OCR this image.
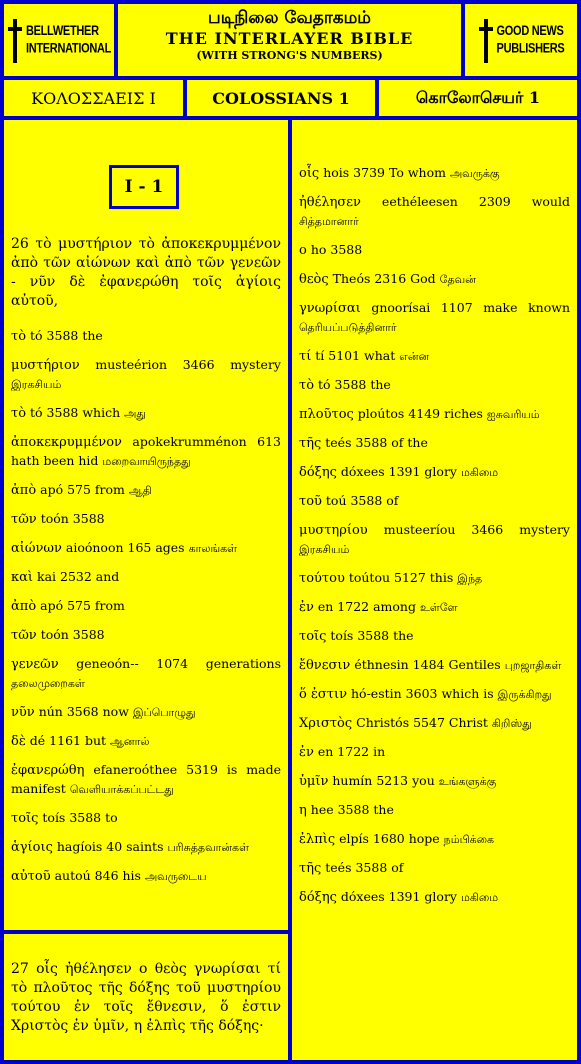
BELLWETHER
INTERNATIONAL
படிநிலை வேதாகமம்
THE INTERLAYER BIBLE
(WITH STRONG'S NUMBERS)
GOOD NEWS
PUBLISHERS
ΚΟΛΟΣΣΑΕΙΣ Ι	COLOSSIANS 1	கொலோசெயர் 1
I - 1
26 τὸ μυστήριον τὸ ἀποκεκρυμμένον ἀπὸ τῶν αἰώνων καὶ ἀπὸ τῶν γενεῶν - νῦν δὲ ἐφανερώθη τοῖς ἁγίοις αὐτοῦ,
τὸ tó 3588 the
μυστήριον musteérion 3466 mystery இரகசியம்
τὸ tó 3588 which அது
ἀποκεκρυμμένον apokekrumménon 613 hath been hid மறைவாயிருந்தது
ἀπὸ apó 575 from ஆதி
τῶν toón 3588
αἰώνων aioónoon 165 ages காலங்கள்
καὶ kai 2532 and
ἀπὸ apó 575 from
τῶν toón 3588
γενεῶν geneoón-- 1074 generations தலைமுறைகள்
νῦν nún 3568 now இப்பொழுது
δὲ dé 1161 but ஆனால்
ἐφανερώθη efaneroóthee 5319 is made manifest வெளியாக்கப்பட்டது
τοῖς toís 3588 to
ἁγίοις hagíois 40 saints பரிசுத்தவான்கள்
αὐτοῦ autoú 846 his அவருடைய
27 οἷς ἠθέλησεν ο θεὸς γνωρίσαι τί τὸ πλοῦτος τῆς δόξης τοῦ μυστηρίου τούτου ἐν τοῖς ἔθνεσιν, ὅ ἐστιν Χριστὸς ἐν ὑμῖν, η ἐλπὶς τῆς δόξης·
οἷς hois 3739 To whom அவருக்கு
ἠθέλησεν eethéleesen 2309 would சித்தமானார்
ο ho 3588
θεὸς Theós 2316 God தேவன்
γνωρίσαι gnoorísai 1107 make known தெரியப்படுத்தினார்
τί tí 5101 what என்ன
τὸ tó 3588 the
πλοῦτος ploútos 4149 riches ஐசுவரியம்
τῆς teés 3588 of the
δόξης dóxees 1391 glory மகிமை
τοῦ toú 3588 of
μυστηρίου musteeríou 3466 mystery இரகசியம்
τούτου toútou 5127 this இந்த
ἐν en 1722 among உள்ளே
τοῖς toís 3588 the
ἔθνεσιν éthnesin 1484 Gentiles புறஜாதிகள்
ὅ ἐστιν hó-estin 3603 which is இருக்கிறது
Χριστὸς Christós 5547 Christ கிறிஸ்து
ἐν en 1722 in
ὑμῖν humín 5213 you உங்களுக்கு
η hee 3588 the
ἐλπὶς elpís 1680 hope நம்பிக்கை
τῆς teés 3588 of
δόξης dóxees 1391 glory மகிமை
